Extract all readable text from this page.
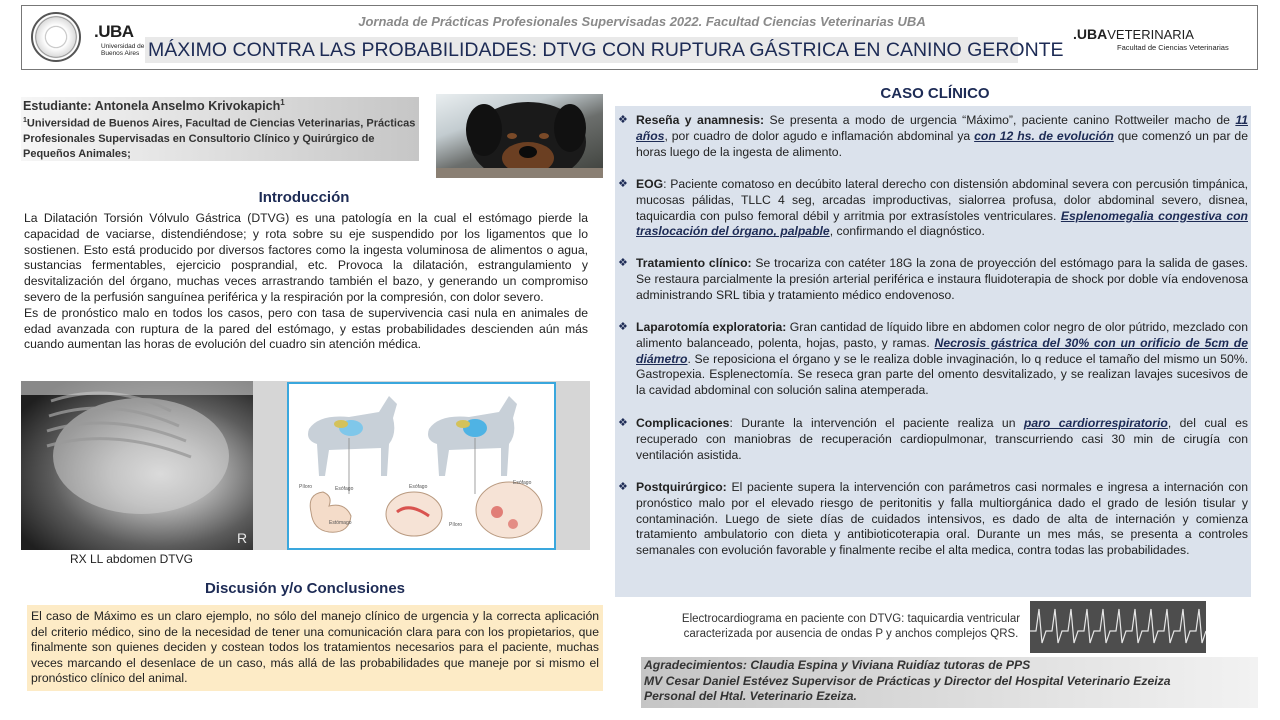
.UBA
Universidad de Buenos Aires
Jornada de Prácticas Profesionales Supervisadas 2022. Facultad Ciencias Veterinarias UBA
MÁXIMO CONTRA LAS PROBABILIDADES: DTVG CON RUPTURA GÁSTRICA EN CANINO GERONTE
.UBAVETERINARIA
Facultad de Ciencias Veterinarias
Estudiante: Antonela Anselmo Krivokapich$^1$
$^1$Universidad de Buenos Aires, Facultad de Ciencias Veterinarias, Prácticas Profesionales Supervisadas en Consultorio Clínico y Quirúrgico de Pequeños Animales;
Introducción

La Dilatación Torsión Vólvulo Gástrica (DTVG) es una patología en la cual el estómago pierde la capacidad de vaciarse, distendiéndose; y rota sobre su eje suspendido por los ligamentos que lo sostienen. Esto está producido por diversos factores como la ingesta voluminosa de alimentos o agua, sustancias fermentables, ejercicio posprandial, etc. Provoca la dilatación, estrangulamiento y desvitalización del órgano, muchas veces arrastrando también el bazo, y generando un compromiso severo de la perfusión sanguínea periférica y la respiración por la compresión, con dolor severo.

Es de pronóstico malo en todos los casos, pero con tasa de supervivencia casi nula en animales de edad avanzada con ruptura de la pared del estómago, y estas probabilidades descienden aún más cuando aumentan las horas de evolución del cuadro sin atención médica.

R
RX LL abdomen DTVG
Píloro	Esófago
Estómago
Esófago
Píloro
Esófago
Discusión y/o Conclusiones
El caso de Máximo es un claro ejemplo, no sólo del manejo clínico de urgencia y la correcta aplicación del criterio médico, sino de la necesidad de tener una comunicación clara para con los propietarios, que finalmente son quienes deciden y costean todos los tratamientos necesarios para el paciente, muchas veces marcando el desenlace de un caso, más allá de las probabilidades que maneje por si mismo el pronóstico clínico del animal.
CASO CLÍNICO
❖ Reseña y anamnesis: Se presenta a modo de urgencia “Máximo”, paciente canino Rottweiler macho de 11 años, por cuadro de dolor agudo e inflamación abdominal ya con 12 hs. de evolución que comenzó un par de horas luego de la ingesta de alimento.
❖ EOG: Paciente comatoso en decúbito lateral derecho con distensión abdominal severa con percusión timpánica, mucosas pálidas, TLLC 4 seg, arcadas improductivas, sialorrea profusa, dolor abdominal severo, disnea, taquicardia con pulso femoral débil y arritmia por extrasístoles ventriculares. Esplenomegalia congestiva con traslocación del órgano, palpable, confirmando el diagnóstico.
❖ Tratamiento clínico: Se trocariza con catéter 18G la zona de proyección del estómago para la salida de gases. Se restaura parcialmente la presión arterial periférica e instaura fluidoterapia de shock por doble vía endovenosa administrando SRL tibia y tratamiento médico endovenoso.
❖ Laparotomía exploratoria: Gran cantidad de líquido libre en abdomen color negro de olor pútrido, mezclado con alimento balanceado, polenta, hojas, pasto, y ramas. Necrosis gástrica del 30% con un orificio de 5cm de diámetro. Se reposiciona el órgano y se le realiza doble invaginación, lo q reduce el tamaño del mismo un 50%. Gastropexia. Esplenectomía. Se reseca gran parte del omento desvitalizado, y se realizan lavajes sucesivos de la cavidad abdominal con solución salina atemperada.
❖ Complicaciones: Durante la intervención el paciente realiza un paro cardiorrespiratorio, del cual es recuperado con maniobras de recuperación cardiopulmonar, transcurriendo casi 30 min de cirugía con ventilación asistida.
❖ Postquirúrgico: El paciente supera la intervención con parámetros casi normales e ingresa a internación con pronóstico malo por el elevado riesgo de peritonitis y falla multiorgánica dado el grado de lesión tisular y contaminación. Luego de siete días de cuidados intensivos, es dado de alta de internación y comienza tratamiento ambulatorio con dieta y antibioticoterapia oral. Durante un mes más, se presenta a controles semanales con evolución favorable y finalmente recibe el alta medica, contra todas las probabilidades.
Electrocardiograma en paciente con DTVG: taquicardia ventricular caracterizada por ausencia de ondas P y anchos complejos QRS.
Agradecimientos: Claudia Espina y Viviana Ruidíaz tutoras de PPS
MV Cesar Daniel Estévez Supervisor de Prácticas y Director del Hospital Veterinario Ezeiza
Personal del Htal. Veterinario Ezeiza.
